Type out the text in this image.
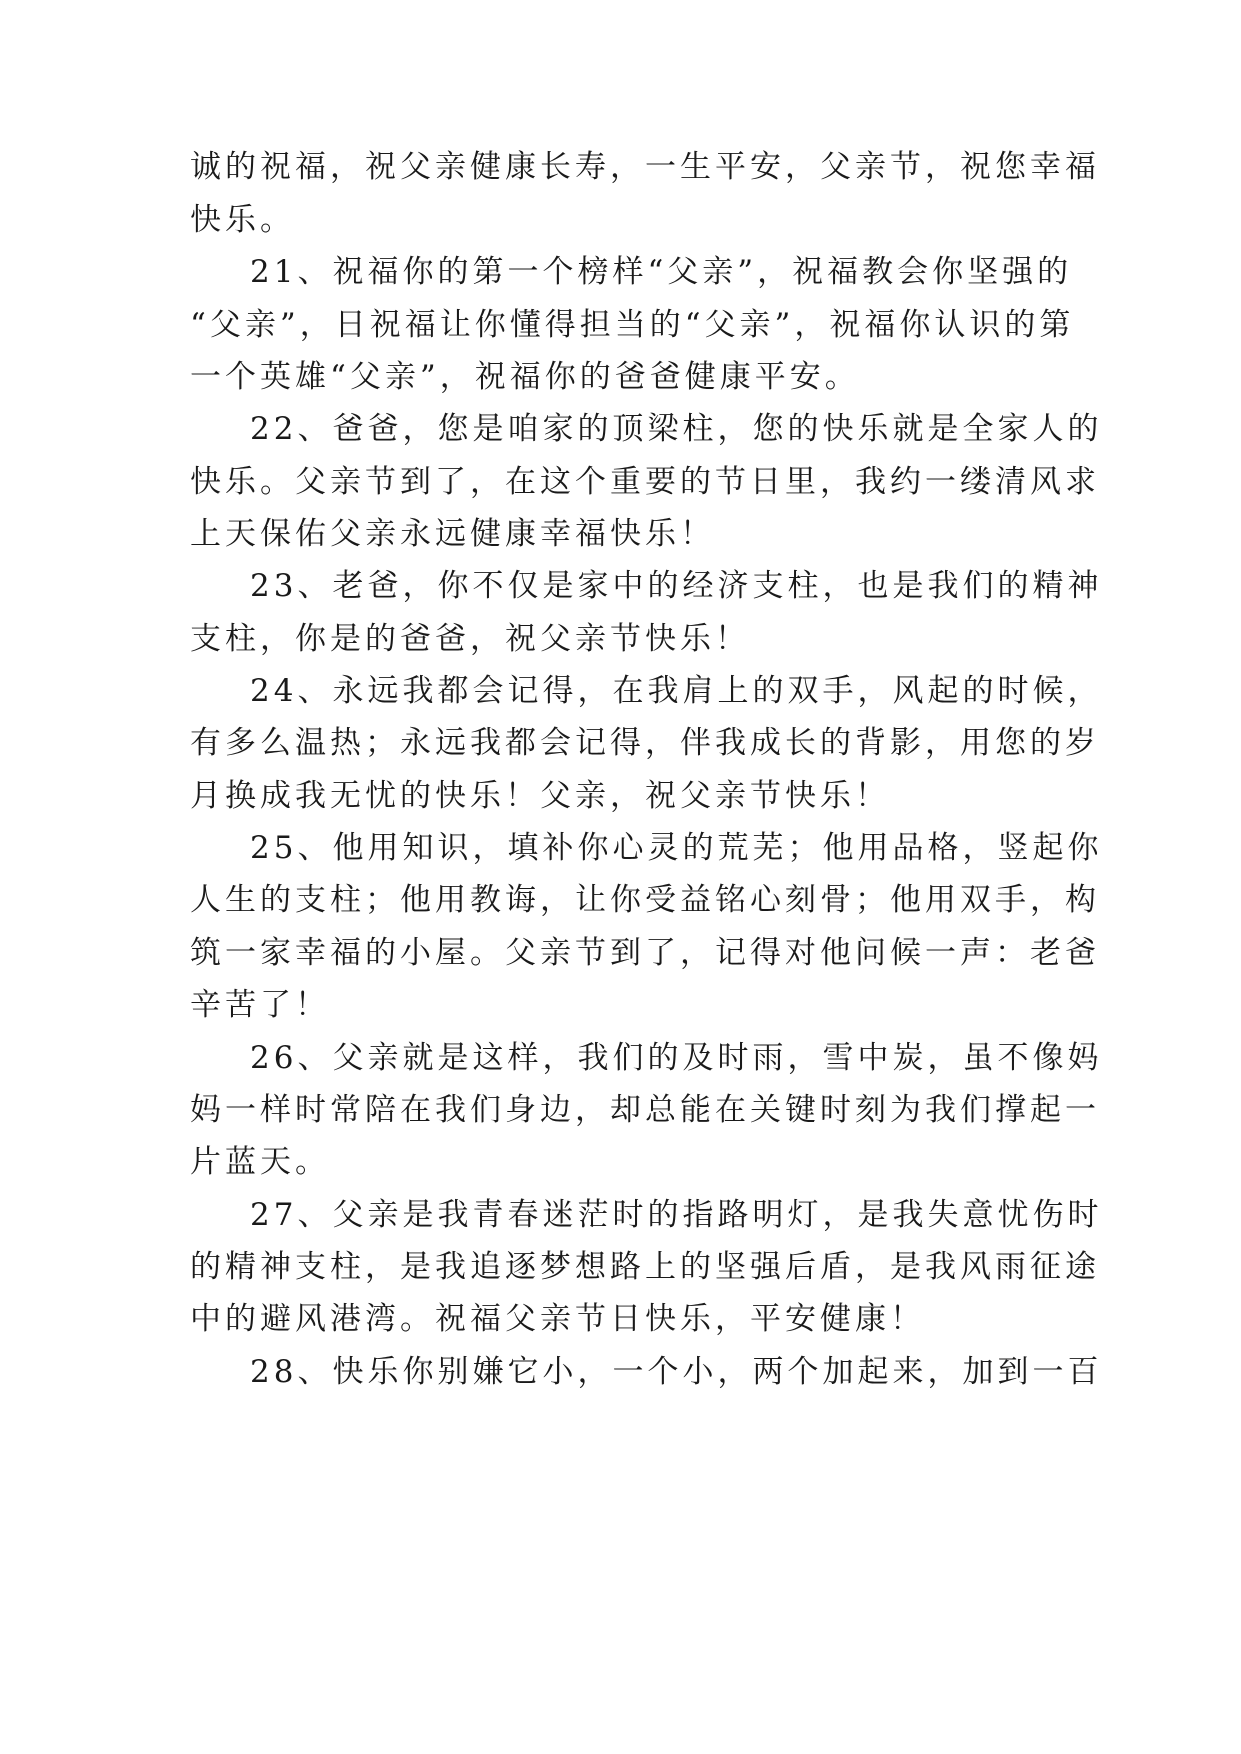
诚的祝福，祝父亲健康长寿，一生平安，父亲节，祝您幸福
快乐。
21、祝福你的第一个榜样“父亲”，祝福教会你坚强的
“父亲”，日祝福让你懂得担当的“父亲”，祝福你认识的第
一个英雄“父亲”，祝福你的爸爸健康平安。
22、爸爸，您是咱家的顶梁柱，您的快乐就是全家人的
快乐。父亲节到了，在这个重要的节日里，我约一缕清风求
上天保佑父亲永远健康幸福快乐！
23、老爸，你不仅是家中的经济支柱，也是我们的精神
支柱，你是的爸爸，祝父亲节快乐！
24、永远我都会记得，在我肩上的双手，风起的时候，
有多么温热；永远我都会记得，伴我成长的背影，用您的岁
月换成我无忧的快乐！父亲，祝父亲节快乐！
25、他用知识，填补你心灵的荒芜；他用品格，竖起你
人生的支柱；他用教诲，让你受益铭心刻骨；他用双手，构
筑一家幸福的小屋。父亲节到了，记得对他问候一声：老爸
辛苦了！
26、父亲就是这样，我们的及时雨，雪中炭，虽不像妈
妈一样时常陪在我们身边，却总能在关键时刻为我们撑起一
片蓝天。
27、父亲是我青春迷茫时的指路明灯，是我失意忧伤时
的精神支柱，是我追逐梦想路上的坚强后盾，是我风雨征途
中的避风港湾。祝福父亲节日快乐，平安健康！
28、快乐你别嫌它小，一个小，两个加起来，加到一百
